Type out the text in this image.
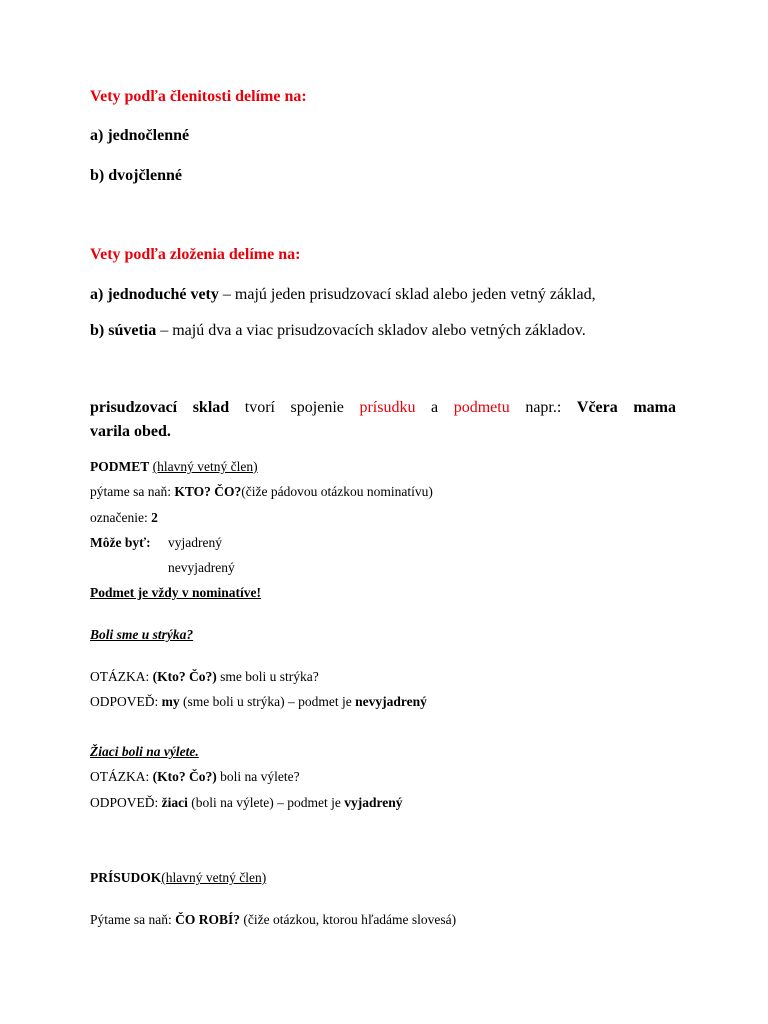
Vety podľa členitosti delíme na:
a) jednočlenné
b) dvojčlenné
Vety podľa zloženia delíme na:
a) jednoduché vety – majú jeden prisudzovací sklad alebo jeden vetný základ,
b) súvetia – majú dva a viac prisudzovacích skladov alebo vetných základov.
prisudzovací sklad tvorí spojenie prísudku a podmetu napr.: Včera mama
varila obed.
PODMET (hlavný vetný člen)
pýtame sa naň: KTO? ČO?(čiže pádovou otázkou nominatívu)
označenie: 2
Môže byť: vyjadrený
nevyjadrený
Podmet je vždy v nominatíve!
Boli sme u strýka?
OTÁZKA: (Kto? Čo?) sme boli u strýka?
ODPOVEĎ: my (sme boli u strýka) – podmet je nevyjadrený
Žiaci boli na výlete.
OTÁZKA: (Kto? Čo?) boli na výlete?
ODPOVEĎ: žiaci (boli na výlete) – podmet je vyjadrený
PRÍSUDOK(hlavný vetný člen)
Pýtame sa naň: ČO ROBÍ? (čiže otázkou, ktorou hľadáme slovesá)
